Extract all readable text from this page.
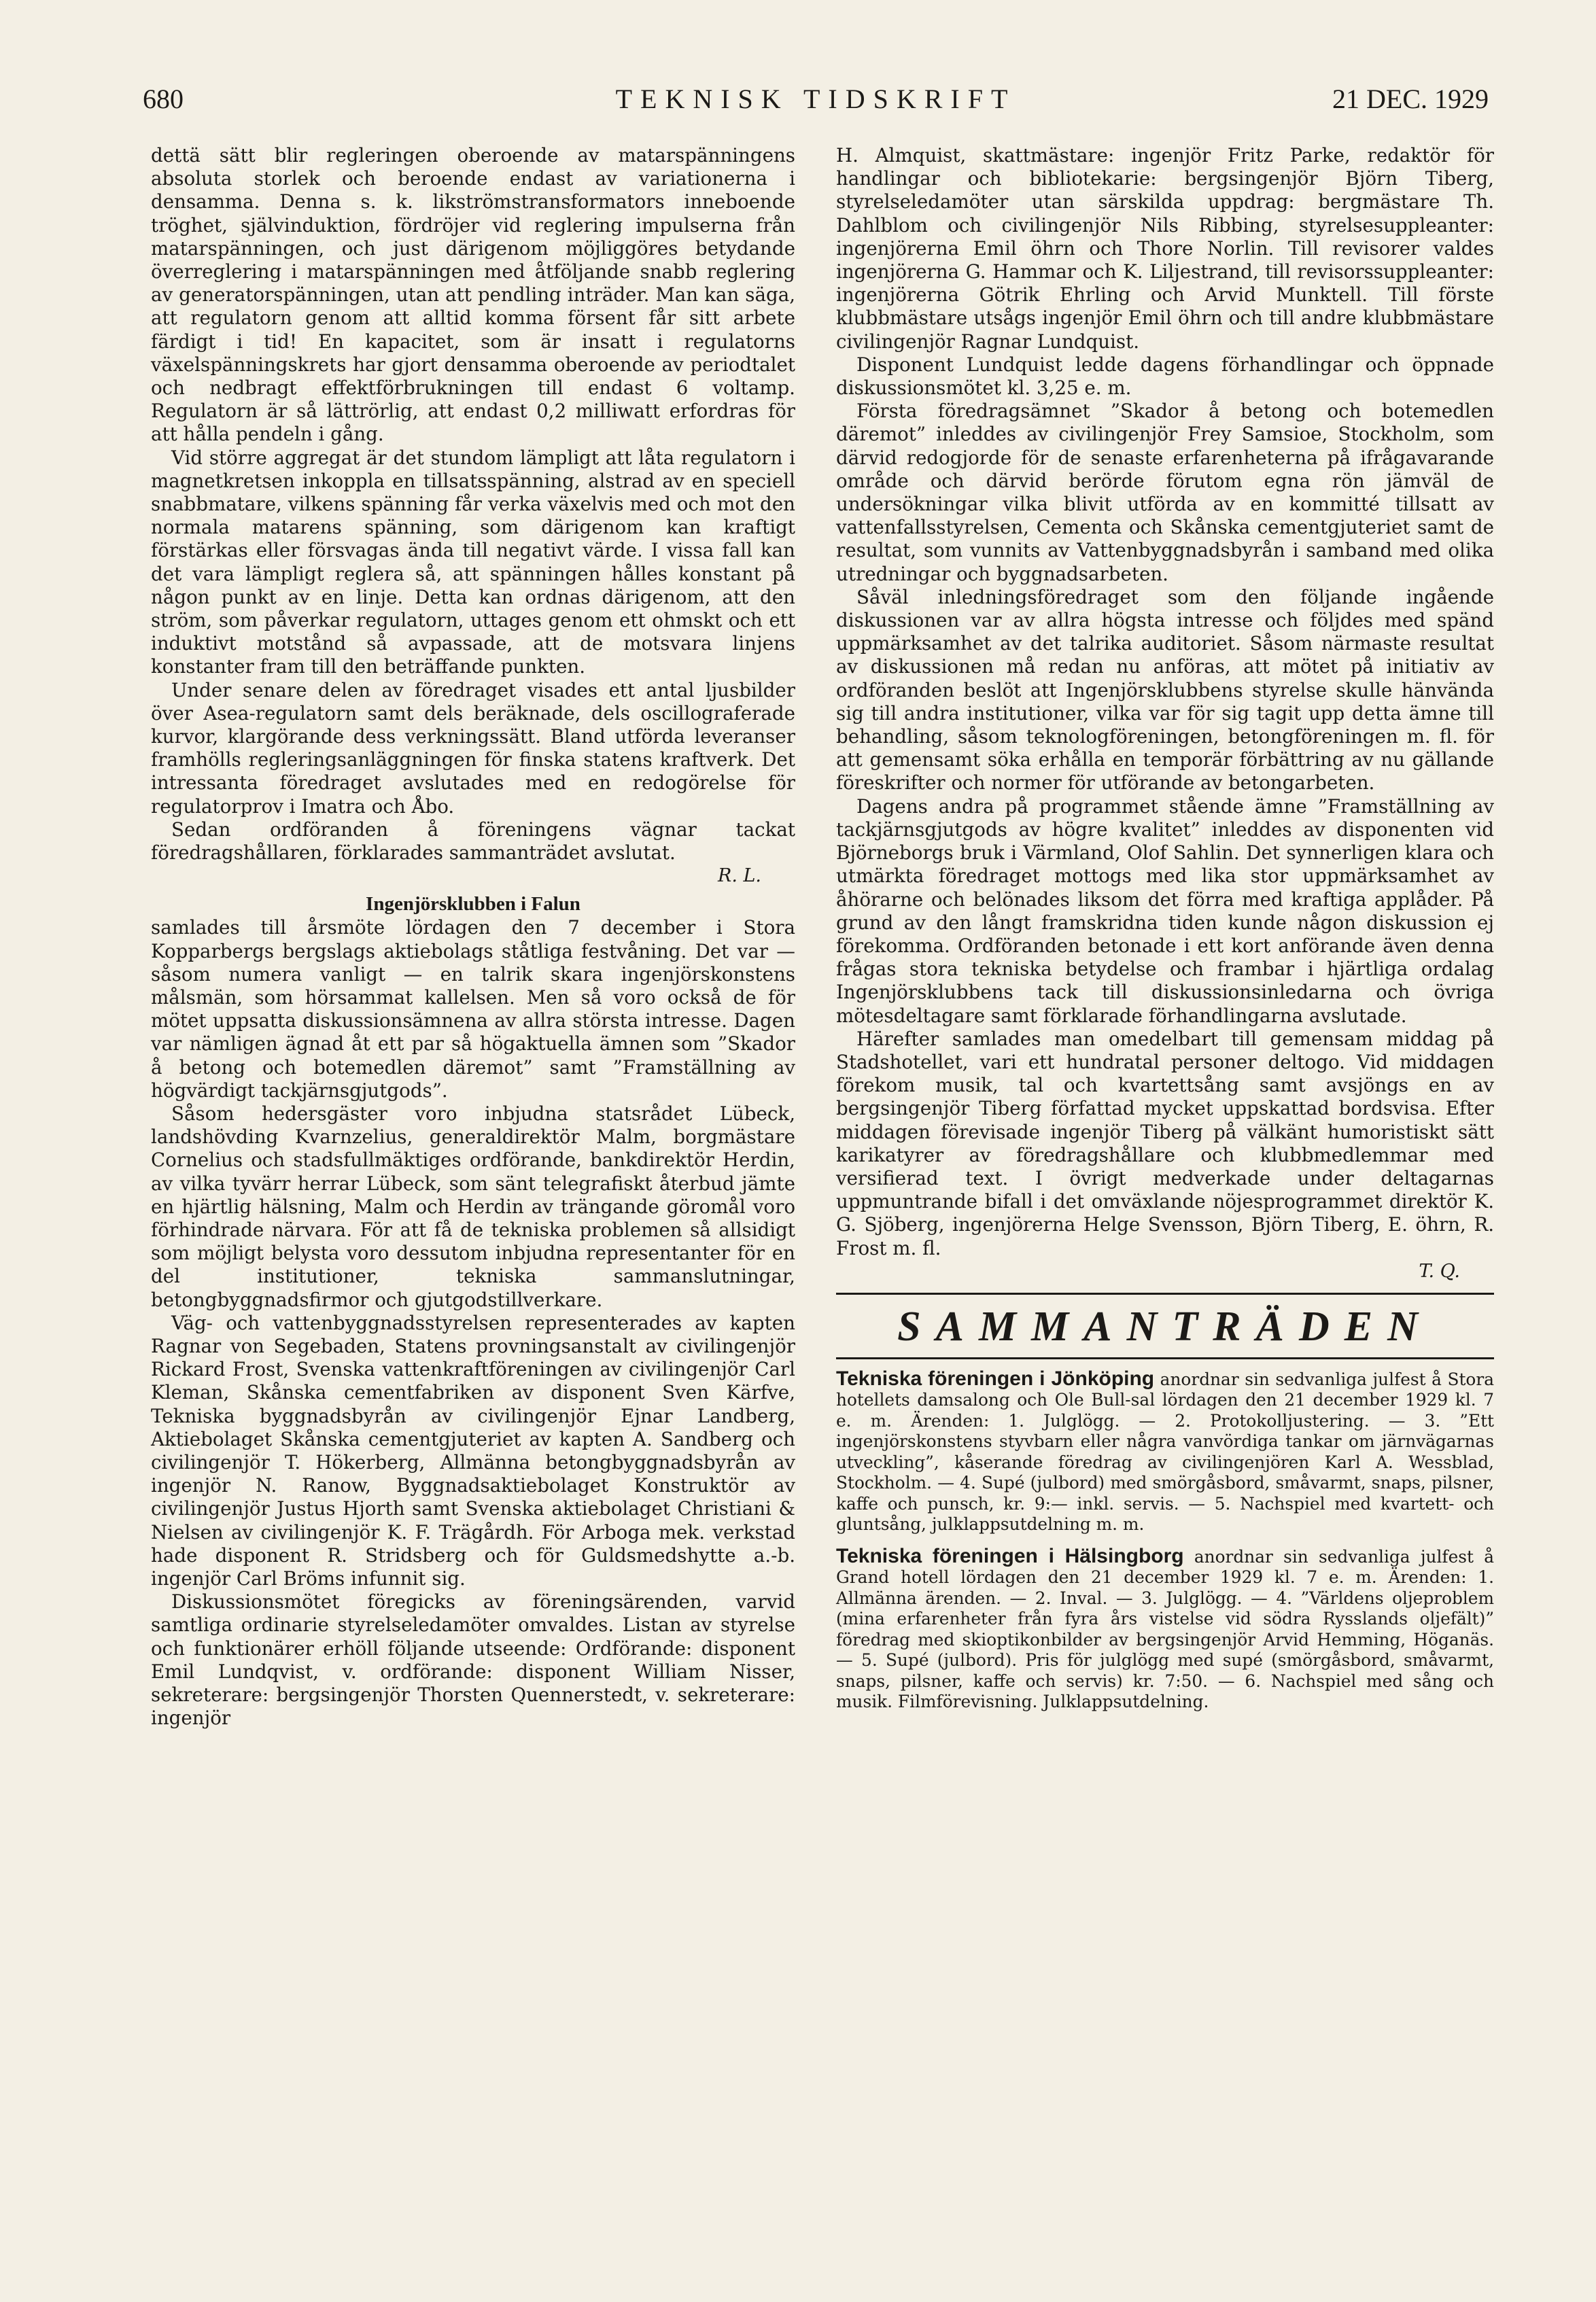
680	TEKNISK TIDSKRIFT	21 DEC. 1929

dettä sätt blir regleringen oberoende av matarspänningens absoluta storlek och beroende endast av variationerna i densamma. Denna s. k. likströmstransformators inneboende tröghet, självinduktion, fördröjer vid reglering impulserna från matarspänningen, och just därigenom möjliggöres betydande överreglering i matarspänningen med åtföljande snabb reglering av generatorspänningen, utan att pendling inträder. Man kan säga, att regulatorn genom att alltid komma försent får sitt arbete färdigt i tid! En kapacitet, som är insatt i regulatorns växelspänningskrets har gjort densamma oberoende av periodtalet och nedbragt effektförbrukningen till endast 6 voltamp. Regulatorn är så lättrörlig, att endast 0,2 milliwatt erfordras för att hålla pendeln i gång.

Vid större aggregat är det stundom lämpligt att låta regulatorn i magnetkretsen inkoppla en tillsatsspänning, alstrad av en speciell snabbmatare, vilkens spänning får verka växelvis med och mot den normala matarens spänning, som därigenom kan kraftigt förstärkas eller försvagas ända till negativt värde. I vissa fall kan det vara lämpligt reglera så, att spänningen hålles konstant på någon punkt av en linje. Detta kan ordnas därigenom, att den ström, som påverkar regulatorn, uttages genom ett ohmskt och ett induktivt motstånd så avpassade, att de motsvara linjens konstanter fram till den beträffande punkten.

Under senare delen av föredraget visades ett antal ljusbilder över Asea-regulatorn samt dels beräknade, dels oscillograferade kurvor, klargörande dess verkningssätt. Bland utförda leveranser framhölls regleringsanläggningen för finska statens kraftverk. Det intressanta föredraget avslutades med en redogörelse för regulatorprov i Imatra och Åbo.

Sedan ordföranden å föreningens vägnar tackat föredragshållaren, förklarades sammanträdet avslutat.

R. L.
Ingenjörsklubben i Falun

samlades till årsmöte lördagen den 7 december i Stora Kopparbergs bergslags aktiebolags ståtliga festvåning. Det var — såsom numera vanligt — en talrik skara ingenjörskonstens målsmän, som hörsammat kallelsen. Men så voro också de för mötet uppsatta diskussionsämnena av allra största intresse. Dagen var nämligen ägnad åt ett par så högaktuella ämnen som ”Skador å betong och botemedlen däremot” samt ”Framställning av högvärdigt tackjärnsgjutgods”.

Såsom hedersgäster voro inbjudna statsrådet Lübeck, landshövding Kvarnzelius, generaldirektör Malm, borgmästare Cornelius och stadsfullmäktiges ordförande, bankdirektör Herdin, av vilka tyvärr herrar Lübeck, som sänt telegrafiskt återbud jämte en hjärtlig hälsning, Malm och Herdin av trängande göromål voro förhindrade närvara. För att få de tekniska problemen så allsidigt som möjligt belysta voro dessutom inbjudna representanter för en del institutioner, tekniska sammanslutningar, betongbyggnadsfirmor och gjutgodstillverkare.

Väg- och vattenbyggnadsstyrelsen representerades av kapten Ragnar von Segebaden, Statens provningsanstalt av civilingenjör Rickard Frost, Svenska vattenkraftföreningen av civilingenjör Carl Kleman, Skånska cementfabriken av disponent Sven Kärfve, Tekniska byggnadsbyrån av civilingenjör Ejnar Landberg, Aktiebolaget Skånska cementgjuteriet av kapten A. Sandberg och civilingenjör T. Hökerberg, Allmänna betongbyggnadsbyrån av ingenjör N. Ranow, Byggnadsaktiebolaget Konstruktör av civilingenjör Justus Hjorth samt Svenska aktiebolaget Christiani & Nielsen av civilingenjör K. F. Trägårdh. För Arboga mek. verkstad hade disponent R. Stridsberg och för Guldsmedshytte a.-b. ingenjör Carl Bröms infunnit sig.

Diskussionsmötet föregicks av föreningsärenden, varvid samtliga ordinarie styrelseledamöter omvaldes. Listan av styrelse och funktionärer erhöll följande utseende: Ordförande: disponent Emil Lundqvist, v. ordförande: disponent William Nisser, sekreterare: bergsingenjör Thorsten Quennerstedt, v. sekreterare: ingenjör

H. Almquist, skattmästare: ingenjör Fritz Parke, redaktör för handlingar och bibliotekarie: bergsingenjör Björn Tiberg, styrelseledamöter utan särskilda uppdrag: bergmästare Th. Dahlblom och civilingenjör Nils Ribbing, styrelsesuppleanter: ingenjörerna Emil öhrn och Thore Norlin. Till revisorer valdes ingenjörerna G. Hammar och K. Liljestrand, till revisorssuppleanter: ingenjörerna Götrik Ehrling och Arvid Munktell. Till förste klubbmästare utsågs ingenjör Emil öhrn och till andre klubbmästare civilingenjör Ragnar Lundquist.

Disponent Lundquist ledde dagens förhandlingar och öppnade diskussionsmötet kl. 3,25 e. m.

Första föredragsämnet ”Skador å betong och botemedlen däremot” inleddes av civilingenjör Frey Samsioe, Stockholm, som därvid redogjorde för de senaste erfarenheterna på ifrågavarande område och därvid berörde förutom egna rön jämväl de undersökningar vilka blivit utförda av en kommitté tillsatt av vattenfallsstyrelsen, Cementa och Skånska cementgjuteriet samt de resultat, som vunnits av Vattenbyggnadsbyrån i samband med olika utredningar och byggnadsarbeten.

Såväl inledningsföredraget som den följande ingående diskussionen var av allra högsta intresse och följdes med spänd uppmärksamhet av det talrika auditoriet. Såsom närmaste resultat av diskussionen må redan nu anföras, att mötet på initiativ av ordföranden beslöt att Ingenjörsklubbens styrelse skulle hänvända sig till andra institutioner, vilka var för sig tagit upp detta ämne till behandling, såsom teknologföreningen, betongföreningen m. fl. för att gemensamt söka erhålla en temporär förbättring av nu gällande föreskrifter och normer för utförande av betongarbeten.

Dagens andra på programmet stående ämne ”Framställning av tackjärnsgjutgods av högre kvalitet” inleddes av disponenten vid Björneborgs bruk i Värmland, Olof Sahlin. Det synnerligen klara och utmärkta föredraget mottogs med lika stor uppmärksamhet av åhörarne och belönades liksom det förra med kraftiga applåder. På grund av den långt framskridna tiden kunde någon diskussion ej förekomma. Ordföranden betonade i ett kort anförande även denna frågas stora tekniska betydelse och frambar i hjärtliga ordalag Ingenjörsklubbens tack till diskussionsinledarna och övriga mötesdeltagare samt förklarade förhandlingarna avslutade.

Härefter samlades man omedelbart till gemensam middag på Stadshotellet, vari ett hundratal personer deltogo. Vid middagen förekom musik, tal och kvartettsång samt avsjöngs en av bergsingenjör Tiberg författad mycket uppskattad bordsvisa. Efter middagen förevisade ingenjör Tiberg på välkänt humoristiskt sätt karikatyrer av föredragshållare och klubbmedlemmar med versifierad text. I övrigt medverkade under deltagarnas uppmuntrande bifall i det omväxlande nöjesprogrammet direktör K. G. Sjöberg, ingenjörerna Helge Svensson, Björn Tiberg, E. öhrn, R. Frost m. fl.

T. Q.
SAMMANTRÄDEN

Tekniska föreningen i Jönköping anordnar sin sedvanliga julfest å Stora hotellets damsalong och Ole Bull-sal lördagen den 21 december 1929 kl. 7 e. m. Ärenden: 1. Julglögg. — 2. Protokolljustering. — 3. ”Ett ingenjörskonstens styvbarn eller några vanvördiga tankar om järnvägarnas utveckling”, kåserande föredrag av civilingenjören Karl A. Wessblad, Stockholm. — 4. Supé (julbord) med smörgåsbord, småvarmt, snaps, pilsner, kaffe och punsch, kr. 9:— inkl. servis. — 5. Nachspiel med kvartett- och gluntsång, julklappsutdelning m. m.

Tekniska föreningen i Hälsingborg anordnar sin sedvanliga julfest å Grand hotell lördagen den 21 december 1929 kl. 7 e. m. Ärenden: 1. Allmänna ärenden. — 2. Inval. — 3. Julglögg. — 4. ”Världens oljeproblem (mina erfarenheter från fyra års vistelse vid södra Rysslands oljefält)” föredrag med skioptikonbilder av bergsingenjör Arvid Hemming, Höganäs. — 5. Supé (julbord). Pris för julglögg med supé (smörgåsbord, småvarmt, snaps, pilsner, kaffe och servis) kr. 7:50. — 6. Nachspiel med sång och musik. Filmförevisning. Julklappsutdelning.
